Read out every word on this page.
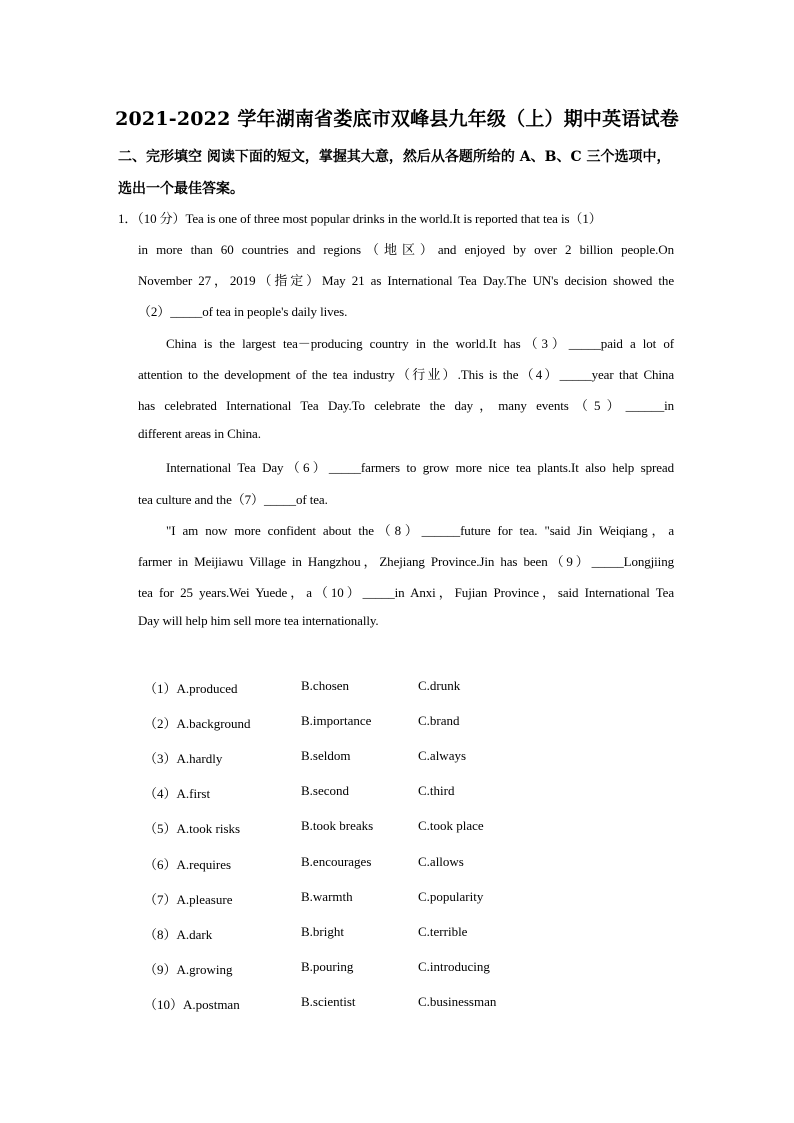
2021-2022 学年湖南省娄底市双峰县九年级（上）期中英语试卷
二、完形填空 阅读下面的短文，掌握其大意，然后从各题所给的 A、B、C 三个选项中，
选出一个最佳答案。
1．（10 分）Tea is one of three most popular drinks in the world.It is reported that tea is（1）
in more than 60 countries and regions（地区）and enjoyed by over 2 billion people.On
November 27，2019（指定）May 21 as International Tea Day.The UN's decision showed the
（2）_____of tea in people's daily lives.
China is the largest tea－producing country in the world.It has（3）_____paid a lot of
attention to the development of the tea industry（行业）.This is the（4）_____year that China
has celebrated International Tea Day.To celebrate the day，many events（5）______in
different areas in China.
International Tea Day（6）_____farmers to grow more nice tea plants.It also help spread
tea culture and the（7）_____of tea.
"I am now more confident about the（8）______future for tea. "said Jin Weiqiang，a
farmer in Meijiawu Village in Hangzhou，Zhejiang Province.Jin has been（9）_____Longjiing
tea for 25 years.Wei Yuede，a（10）_____in Anxi，Fujian Province，said International Tea
Day will help him sell more tea internationally.
（1）A.produced	B.chosen	C.drunk
（2）A.background	B.importance	C.brand
（3）A.hardly	B.seldom	C.always
（4）A.first	B.second	C.third
（5）A.took risks	B.took breaks	C.took place
（6）A.requires	B.encourages	C.allows
（7）A.pleasure	B.warmth	C.popularity
（8）A.dark	B.bright	C.terrible
（9）A.growing	B.pouring	C.introducing
（10）A.postman	B.scientist	C.businessman
